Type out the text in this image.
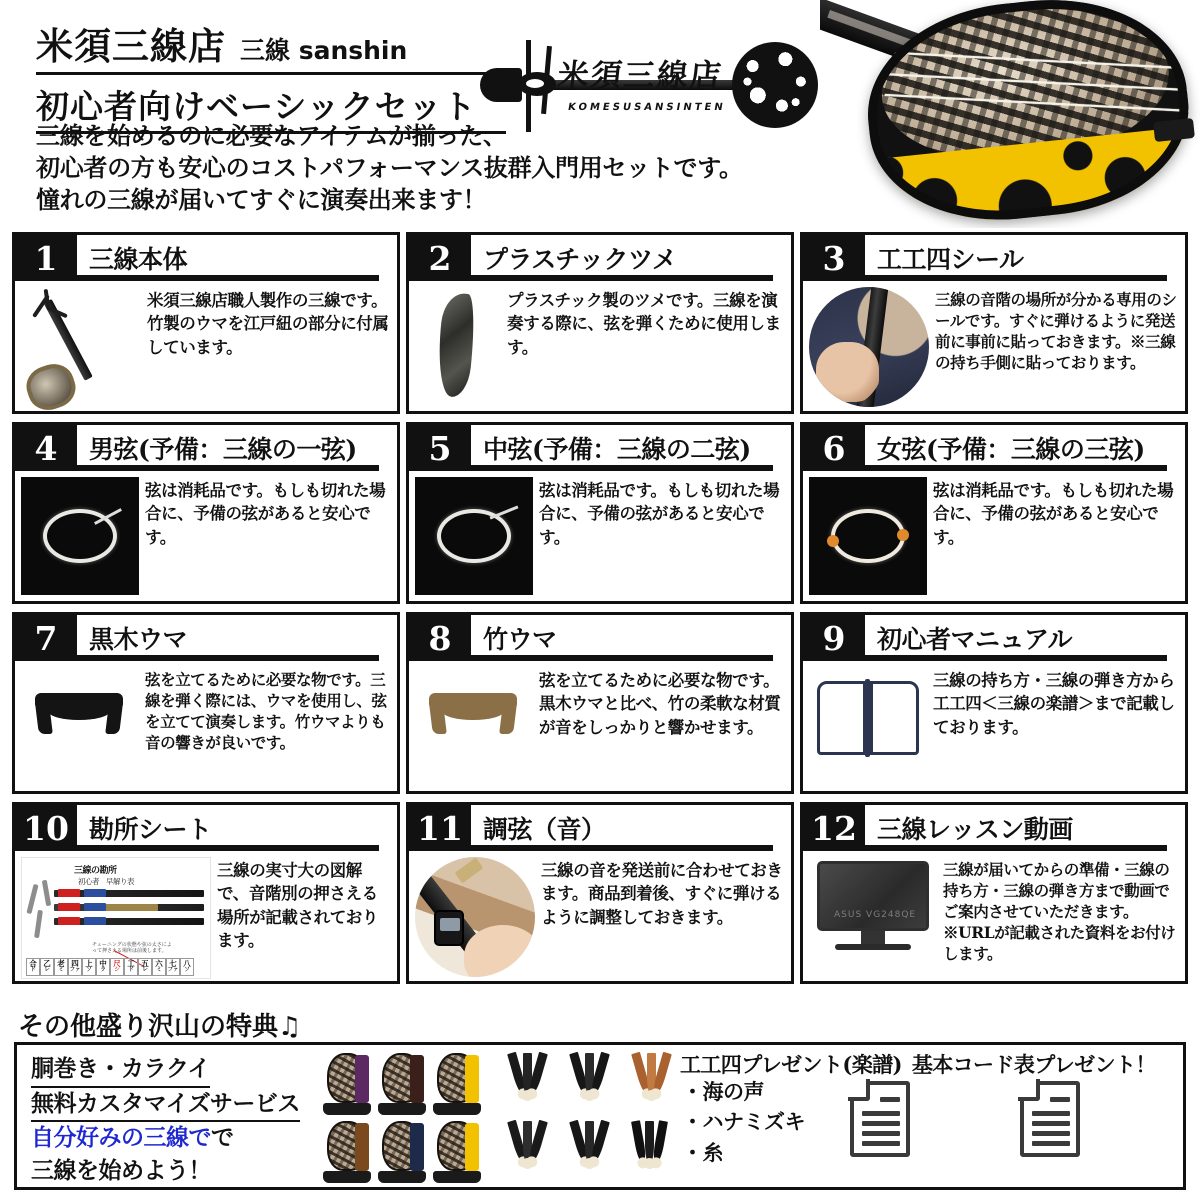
米須三線店 三線 sanshin
初心者向けベーシックセット

三線を始めるのに必要なアイテムが揃った、

初心者の方も安心のコストパフォーマンス抜群入門用セットです。

憧れの三線が届いてすぐに演奏出来ます！

米須三線店
KOMESUSANSINTEN
1	三線本体
米須三線店職人製作の三線です。竹製のウマを江戸紐の部分に付属しています。
2	プラスチックツメ
プラスチック製のツメです。三線を演奏する際に、弦を弾くために使用します。
3	工工四シール
三線の音階の場所が分かる専用のシールです。すぐに弾けるように発送前に事前に貼っておきます。※三線の持ち手側に貼っております。
4	男弦(予備：三線の一弦)
弦は消耗品です。もしも切れた場合に、予備の弦があると安心です。
5	中弦(予備：三線の二弦)
弦は消耗品です。もしも切れた場合に、予備の弦があると安心です。
6	女弦(予備：三線の三弦)
弦は消耗品です。もしも切れた場合に、予備の弦があると安心です。
7	黒木ウマ
弦を立てるために必要な物です。三線を弾く際には、ウマを使用し、弦を立てて演奏します。竹ウマよりも音の響きが良いです。
8	竹ウマ
弦を立てるために必要な物です。黒木ウマと比べ、竹の柔軟な材質が音をしっかりと響かせます。
9	初心者マニュアル
三線の持ち方・三線の弾き方から工工四＜三線の楽譜＞まで記載しております。
10 勘所シート
三線の勘所
初心者　早解り表
チューニングの状態や弦の太さによって押さえる場所は前後します。
合
ド
乙
レ
老
ミ
四
ファ
上
ソ
中
ラ
尺
シ
工
ド
五
レ
六
ミ
七
ファ
八
ソ
三線の実寸大の図解で、音階別の押さえる場所が記載されております。
11 調弦（音）
三線の音を発送前に合わせておきます。商品到着後、すぐに弾けるように調整しておきます。
12 三線レッスン動画
ASUS VG248QE
三線が届いてからの準備・三線の持ち方・三線の弾き方まで動画でご案内させていただきます。※URLが記載された資料をお付けします。
その他盛り沢山の特典♫
胴巻き・カラクイ
無料カスタマイズサービス
自分好みの三線でで
三線を始めよう！
工工四プレゼント(楽譜) 基本コード表プレゼント！
・海の声
・ハナミズキ
・糸
